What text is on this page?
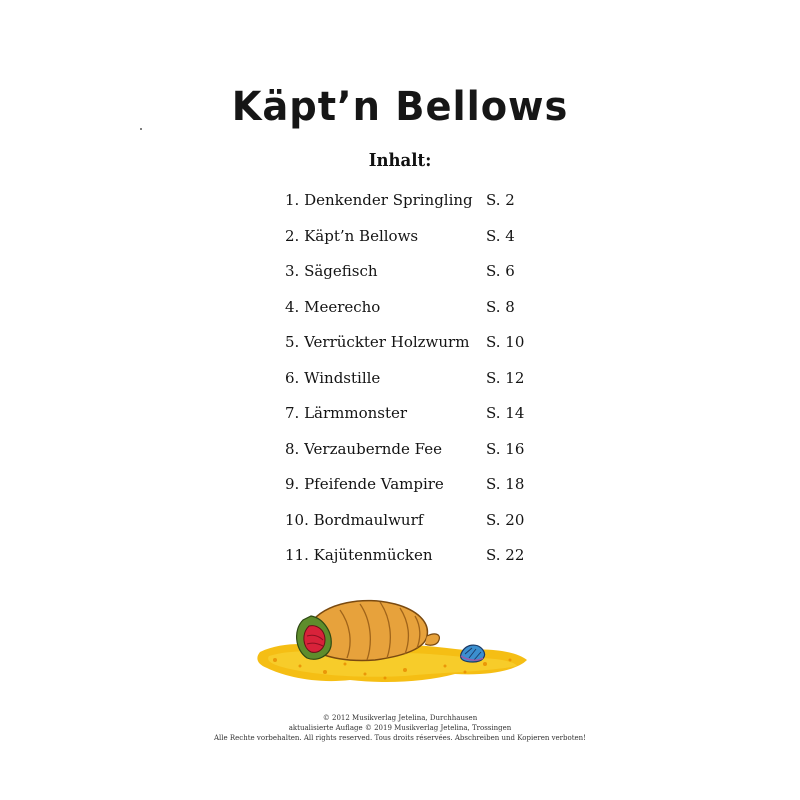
Käpt’n Bellows
Inhalt:
1. Denkender Springling S. 2
2. Käpt’n Bellows	S. 4
3. Sägefisch	S. 6
4. Meerecho	S. 8
5. Verrückter Holzwurm S. 10
6. Windstille	S. 12
7. Lärmmonster	S. 14
8. Verzaubernde Fee	S. 16
9. Pfeifende Vampire	S. 18
10. Bordmaulwurf	S. 20
11. Kajütenmücken	S. 22
© 2012 Musikverlag Jetelina, Durchhausen
aktualisierte Auflage © 2019 Musikverlag Jetelina, Trossingen
Alle Rechte vorbehalten. All rights reserved. Tous droits réservées. Abschreiben und Kopieren verboten!
